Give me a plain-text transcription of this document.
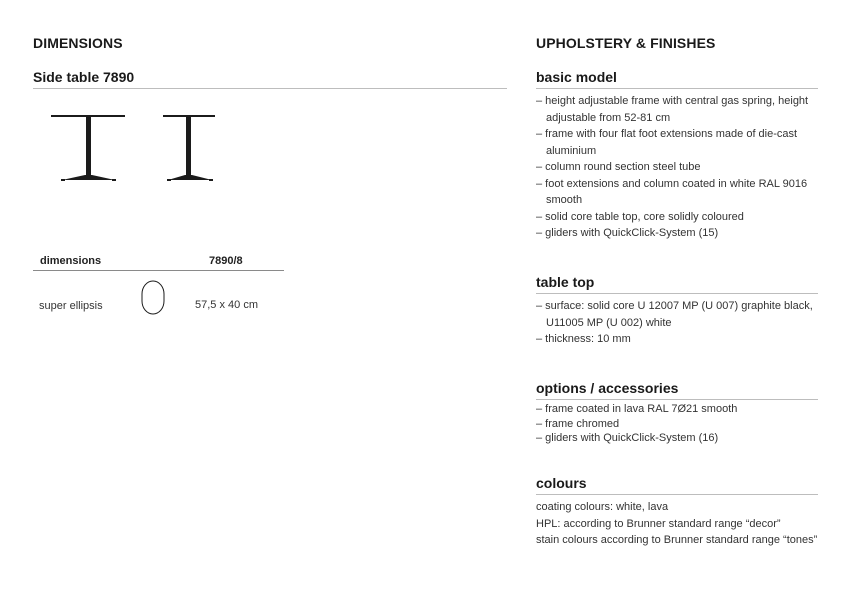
DIMENSIONS	UPHOLSTERY & FINISHES
Side table 7890
dimensions	7890/8
super ellipsis	57,5 x 40 cm
basic model
– height adjustable frame with central gas spring, height adjustable from 52-81 cm
– frame with four flat foot extensions made of die-cast aluminium
– column round section steel tube
– foot extensions and column coated in white RAL 9016 smooth
– solid core table top, core solidly coloured
– gliders with QuickClick-System (15)
table top
– surface: solid core U 12007 MP (U 007) graphite black, U11005 MP (U 002) white
– thickness: 10 mm
options / accessories
– frame coated in lava RAL 7Ø21 smooth
– frame chromed
– gliders with QuickClick-System (16)
colours
coating colours: white, lava
HPL: according to Brunner standard range “decor”
stain colours according to Brunner standard range “tones”
